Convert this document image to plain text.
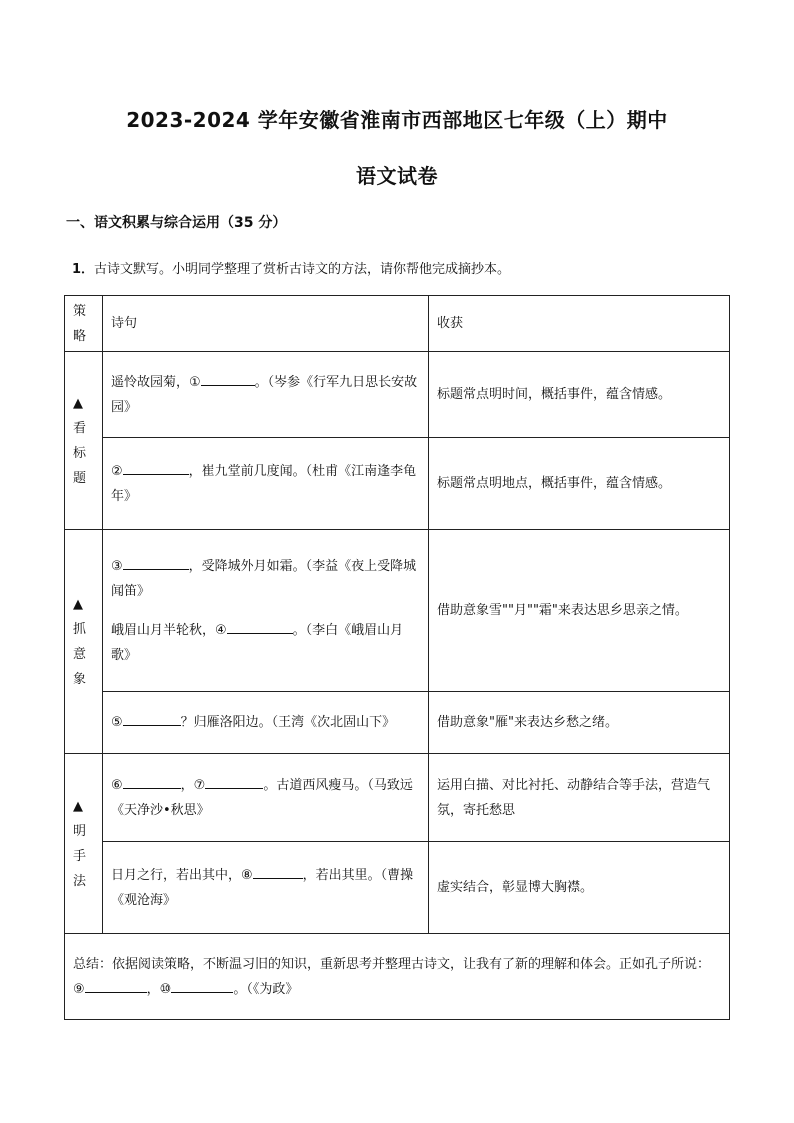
2023-2024 学年安徽省淮南市西部地区七年级（上）期中
语文试卷
一、语文积累与综合运用（35 分）
1．古诗文默写。小明同学整理了赏析古诗文的方法，请你帮他完成摘抄本。
策略	诗句	收获
▲看标题	遥怜故园菊，① 。（岑参《行军九日思长安故园》	标题常点明时间，概括事件，蕴含情感。
	② ，崔九堂前几度闻。（杜甫《江南逢李龟年》	标题常点明地点，概括事件，蕴含情感。
▲抓意象	③ ，受降城外月如霜。（李益《夜上受降城闻笛》
峨眉山月半轮秋，④ 。（李白《峨眉山月歌》	借助意象雪""月""霜"来表达思乡思亲之情。
	⑤ ？归雁洛阳边。（王湾《次北固山下》	借助意象"雁"来表达乡愁之绪。
▲明手法	⑥ ，⑦ 。古道西风瘦马。（马致远《天净沙•秋思》	运用白描、对比衬托、动静结合等手法，营造气氛，寄托愁思
	日月之行，若出其中，⑧ ，若出其里。（曹操《观沧海》	虚实结合，彰显博大胸襟。
总结：依据阅读策略，不断温习旧的知识，重新思考并整理古诗文，让我有了新的理解和体会。正如孔子所说：⑨ ，⑩ 。（《为政》		
